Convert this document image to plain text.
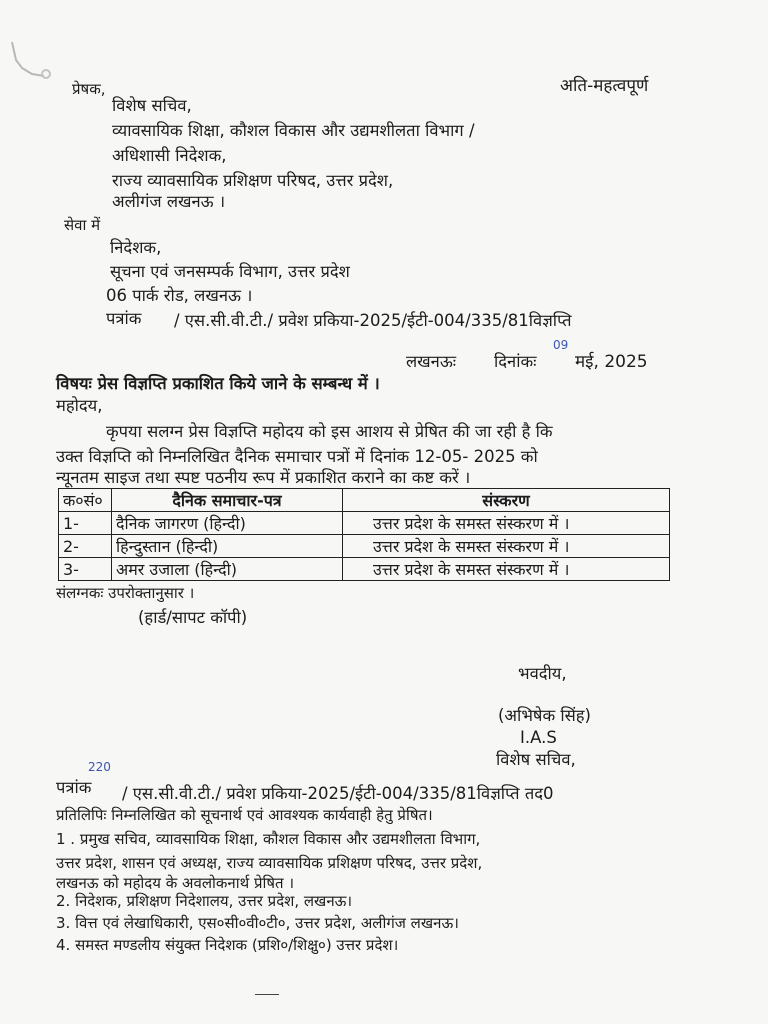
अति-महत्वपूर्ण
प्रेषक,
विशेष सचिव,
व्यावसायिक शिक्षा, कौशल विकास और उद्यमशीलता विभाग /
अधिशासी निदेशक,
राज्य व्यावसायिक प्रशिक्षण परिषद, उत्तर प्रदेश,
अलीगंज लखनऊ ।
सेवा में
निदेशक,
सूचना एवं जनसम्पर्क विभाग, उत्तर प्रदेश
06 पार्क रोड, लखनऊ ।
पत्रांक / एस.सी.वी.टी./ प्रवेश प्रकिया-2025/ईटी-004/335/81विज्ञप्ति
लखनऊः दिनांकः
09
मई, 2025
विषयः प्रेस विज्ञप्ति प्रकाशित किये जाने के सम्बन्ध में ।
महोदय,
कृपया सलग्न प्रेस विज्ञप्ति महोदय को इस आशय से प्रेषित की जा रही है कि
उक्त विज्ञप्ति को निम्नलिखित दैनिक समाचार पत्रों में दिनांक 12-05- 2025 को
न्यूनतम साइज तथा स्पष्ट पठनीय रूप में प्रकाशित कराने का कष्ट करें ।
क०सं०	दैनिक समाचार-पत्र	संस्करण
1-	दैनिक जागरण (हिन्दी)	उत्तर प्रदेश के समस्त संस्करण में ।
2-	हिन्दुस्तान (हिन्दी)	उत्तर प्रदेश के समस्त संस्करण में ।
3-	अमर उजाला (हिन्दी)	उत्तर प्रदेश के समस्त संस्करण में ।
संलग्नकः उपरोक्तानुसार ।
(हार्ड/सापट कॉपी)
भवदीय,
(अभिषेक सिंह)
I.A.S
विशेष सचिव,
220
पत्रांक / एस.सी.वी.टी./ प्रवेश प्रकिया-2025/ईटी-004/335/81विज्ञप्ति तद0
प्रतिलिपिः निम्नलिखित को सूचनार्थ एवं आवश्यक कार्यवाही हेतु प्रेषित।
1 . प्रमुख सचिव, व्यावसायिक शिक्षा, कौशल विकास और उद्यमशीलता विभाग,
उत्तर प्रदेश, शासन एवं अध्यक्ष, राज्य व्यावसायिक प्रशिक्षण परिषद, उत्तर प्रदेश,
लखनऊ को महोदय के अवलोकनार्थ प्रेषित ।
2. निदेशक, प्रशिक्षण निदेशालय, उत्तर प्रदेश, लखनऊ।
3. वित्त एवं लेखाधिकारी, एस०सी०वी०टी०, उत्तर प्रदेश, अलीगंज लखनऊ।
4. समस्त मण्डलीय संयुक्त निदेशक (प्रशि०/शिक्षु०) उत्तर प्रदेश।
